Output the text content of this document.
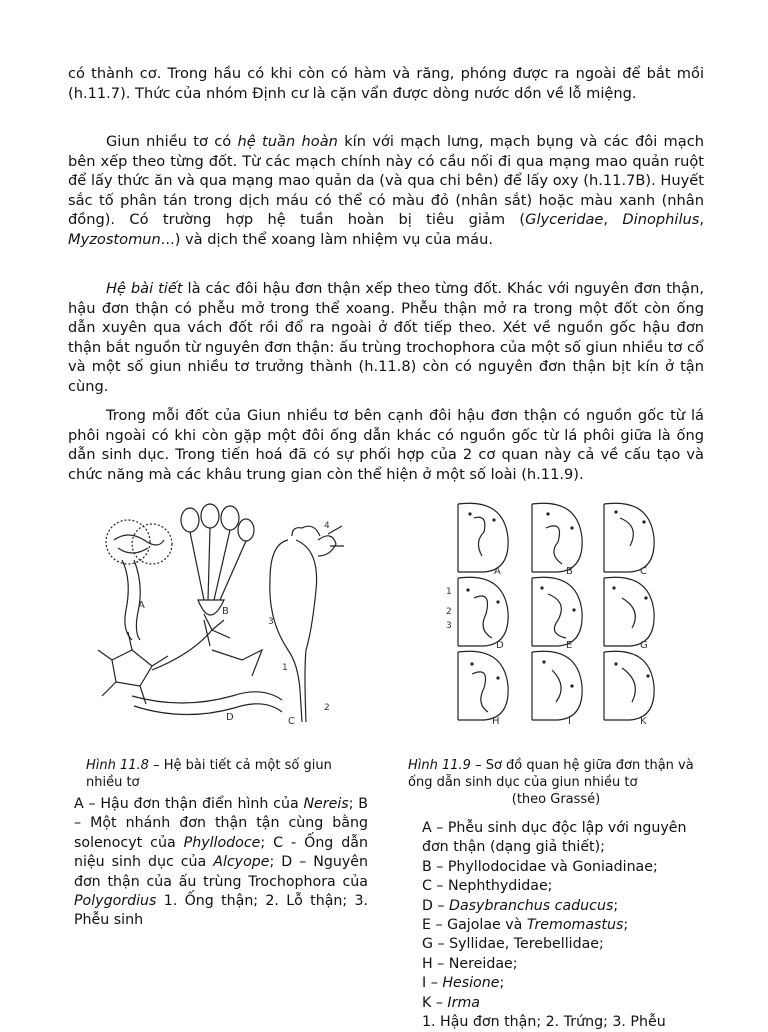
có thành cơ. Trong hầu có khi còn có hàm và răng, phóng được ra ngoài để bắt mồi (h.11.7). Thức của nhóm Định cư là cặn vẩn được dòng nước dồn về lỗ miệng.

Giun nhiều tơ có hệ tuần hoàn kín với mạch lưng, mạch bụng và các đôi mạch bên xếp theo từng đốt. Từ các mạch chính này có cầu nối đi qua mạng mao quản ruột để lấy thức ăn và qua mạng mao quản da (và qua chi bên) để lấy oxy (h.11.7B). Huyết sắc tố phân tán trong dịch máu có thể có màu đỏ (nhân sắt) hoặc màu xanh (nhân đồng). Có trường hợp hệ tuần hoàn bị tiêu giảm (Glyceridae, Dinophilus, Myzostomun...) và dịch thể xoang làm nhiệm vụ của máu.

Hệ bài tiết là các đôi hậu đơn thận xếp theo từng đốt. Khác với nguyên đơn thận, hậu đơn thận có phễu mở trong thể xoang. Phễu thận mở ra trong một đốt còn ống dẫn xuyên qua vách đốt rồi đổ ra ngoài ở đốt tiếp theo. Xét về nguồn gốc hậu đơn thận bắt nguồn từ nguyên đơn thận: ấu trùng trochophora của một số giun nhiều tơ cổ và một số giun nhiều tơ trưởng thành (h.11.8) còn có nguyên đơn thận bịt kín ở tận cùng.

Trong mỗi đốt của Giun nhiều tơ bên cạnh đôi hậu đơn thận có nguồn gốc từ lá phôi ngoài có khi còn gặp một đôi ống dẫn khác có nguồn gốc từ lá phôi giữa là ống dẫn sinh dục. Trong tiến hoá đã có sự phối hợp của 2 cơ quan này cả về cấu tạo và chức năng mà các khâu trung gian còn thể hiện ở một số loài (h.11.9).

A
B
C
D
1
2
3
4
A	B	C
D	E	G
H	I	K
1
2
3

Hình 11.8 – Hệ bài tiết cả một số giun nhiều tơ

Hình 11.9 – Sơ đồ quan hệ giữa đơn thận và ống dẫn sinh dục của giun nhiều tơ
(theo Grassé)

A – Hậu đơn thận điển hình của Nereis; B – Một nhánh đơn thận tận cùng bằng solenocyt của Phyllodoce; C - Ống dẫn niệu sinh dục của Alcyope; D – Nguyên đơn thận của ấu trùng Trochophora của Polygordius 1. Ống thận; 2. Lỗ thận; 3. Phễu sinh

A – Phễu sinh dục độc lập với nguyên đơn thận (dạng giả thiết);
B – Phyllodocidae và Goniadinae;
C – Nephthydidae;
D – Dasybranchus caducus;
E – Gajolae và Tremomastus;
G – Syllidae, Terebellidae;
H – Nereidae;
I – Hesione;
K – Irma
1. Hậu đơn thận; 2. Trứng; 3. Phễu
